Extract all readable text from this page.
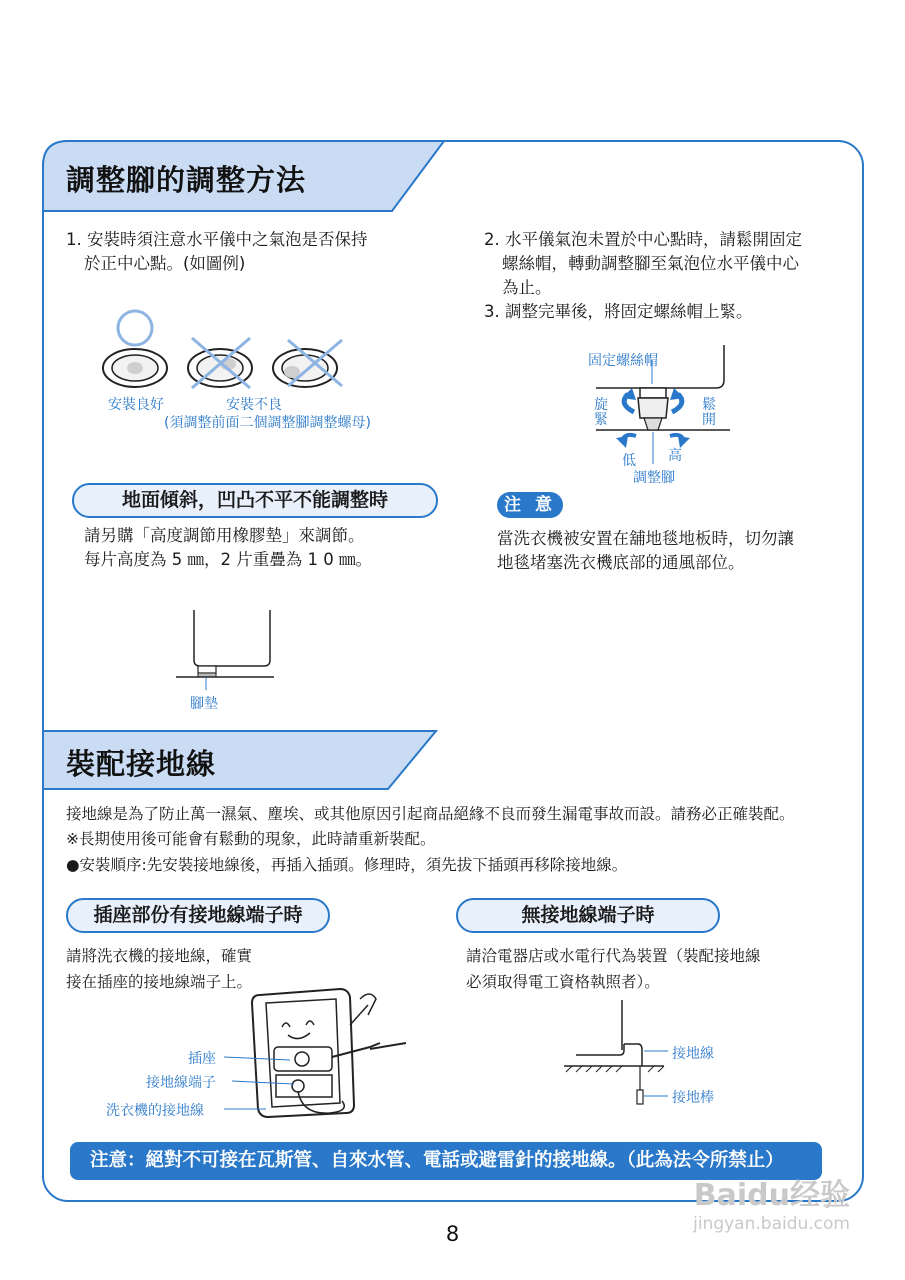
調整腳的調整方法
1. 安裝時須注意水平儀中之氣泡是否保持
於正中心點。(如圖例)
安裝良好	安裝不良
(須調整前面二個調整腳調整螺母)
2. 水平儀氣泡未置於中心點時，請鬆開固定
螺絲帽，轉動調整腳至氣泡位水平儀中心
為止。
3. 調整完畢後，將固定螺絲帽上緊。
固定螺絲帽
旋緊
鬆開
低 高
調整腳
地面傾斜，凹凸不平不能調整時
請另購「高度調節用橡膠墊」來調節。
每片高度為 5 ㎜，2 片重疊為 1 0 ㎜。
腳墊
注 意
當洗衣機被安置在舖地毯地板時，切勿讓
地毯堵塞洗衣機底部的通風部位。
裝配接地線
接地線是為了防止萬一濕氣、塵埃、或其他原因引起商品絕緣不良而發生漏電事故而設。請務必正確裝配。
※長期使用後可能會有鬆動的現象，此時請重新裝配。
●安裝順序:先安裝接地線後，再插入插頭。修理時，須先拔下插頭再移除接地線。
插座部份有接地線端子時	無接地線端子時
請將洗衣機的接地線，確實
接在插座的接地線端子上。
請洽電器店或水電行代為裝置（裝配接地線
必須取得電工資格執照者）。
插座
接地線端子
洗衣機的接地線
接地線
接地棒
注意：絕對不可接在瓦斯管、自來水管、電話或避雷針的接地線。（此為法令所禁止）
Baidu经验
jingyan.baidu.com
8
